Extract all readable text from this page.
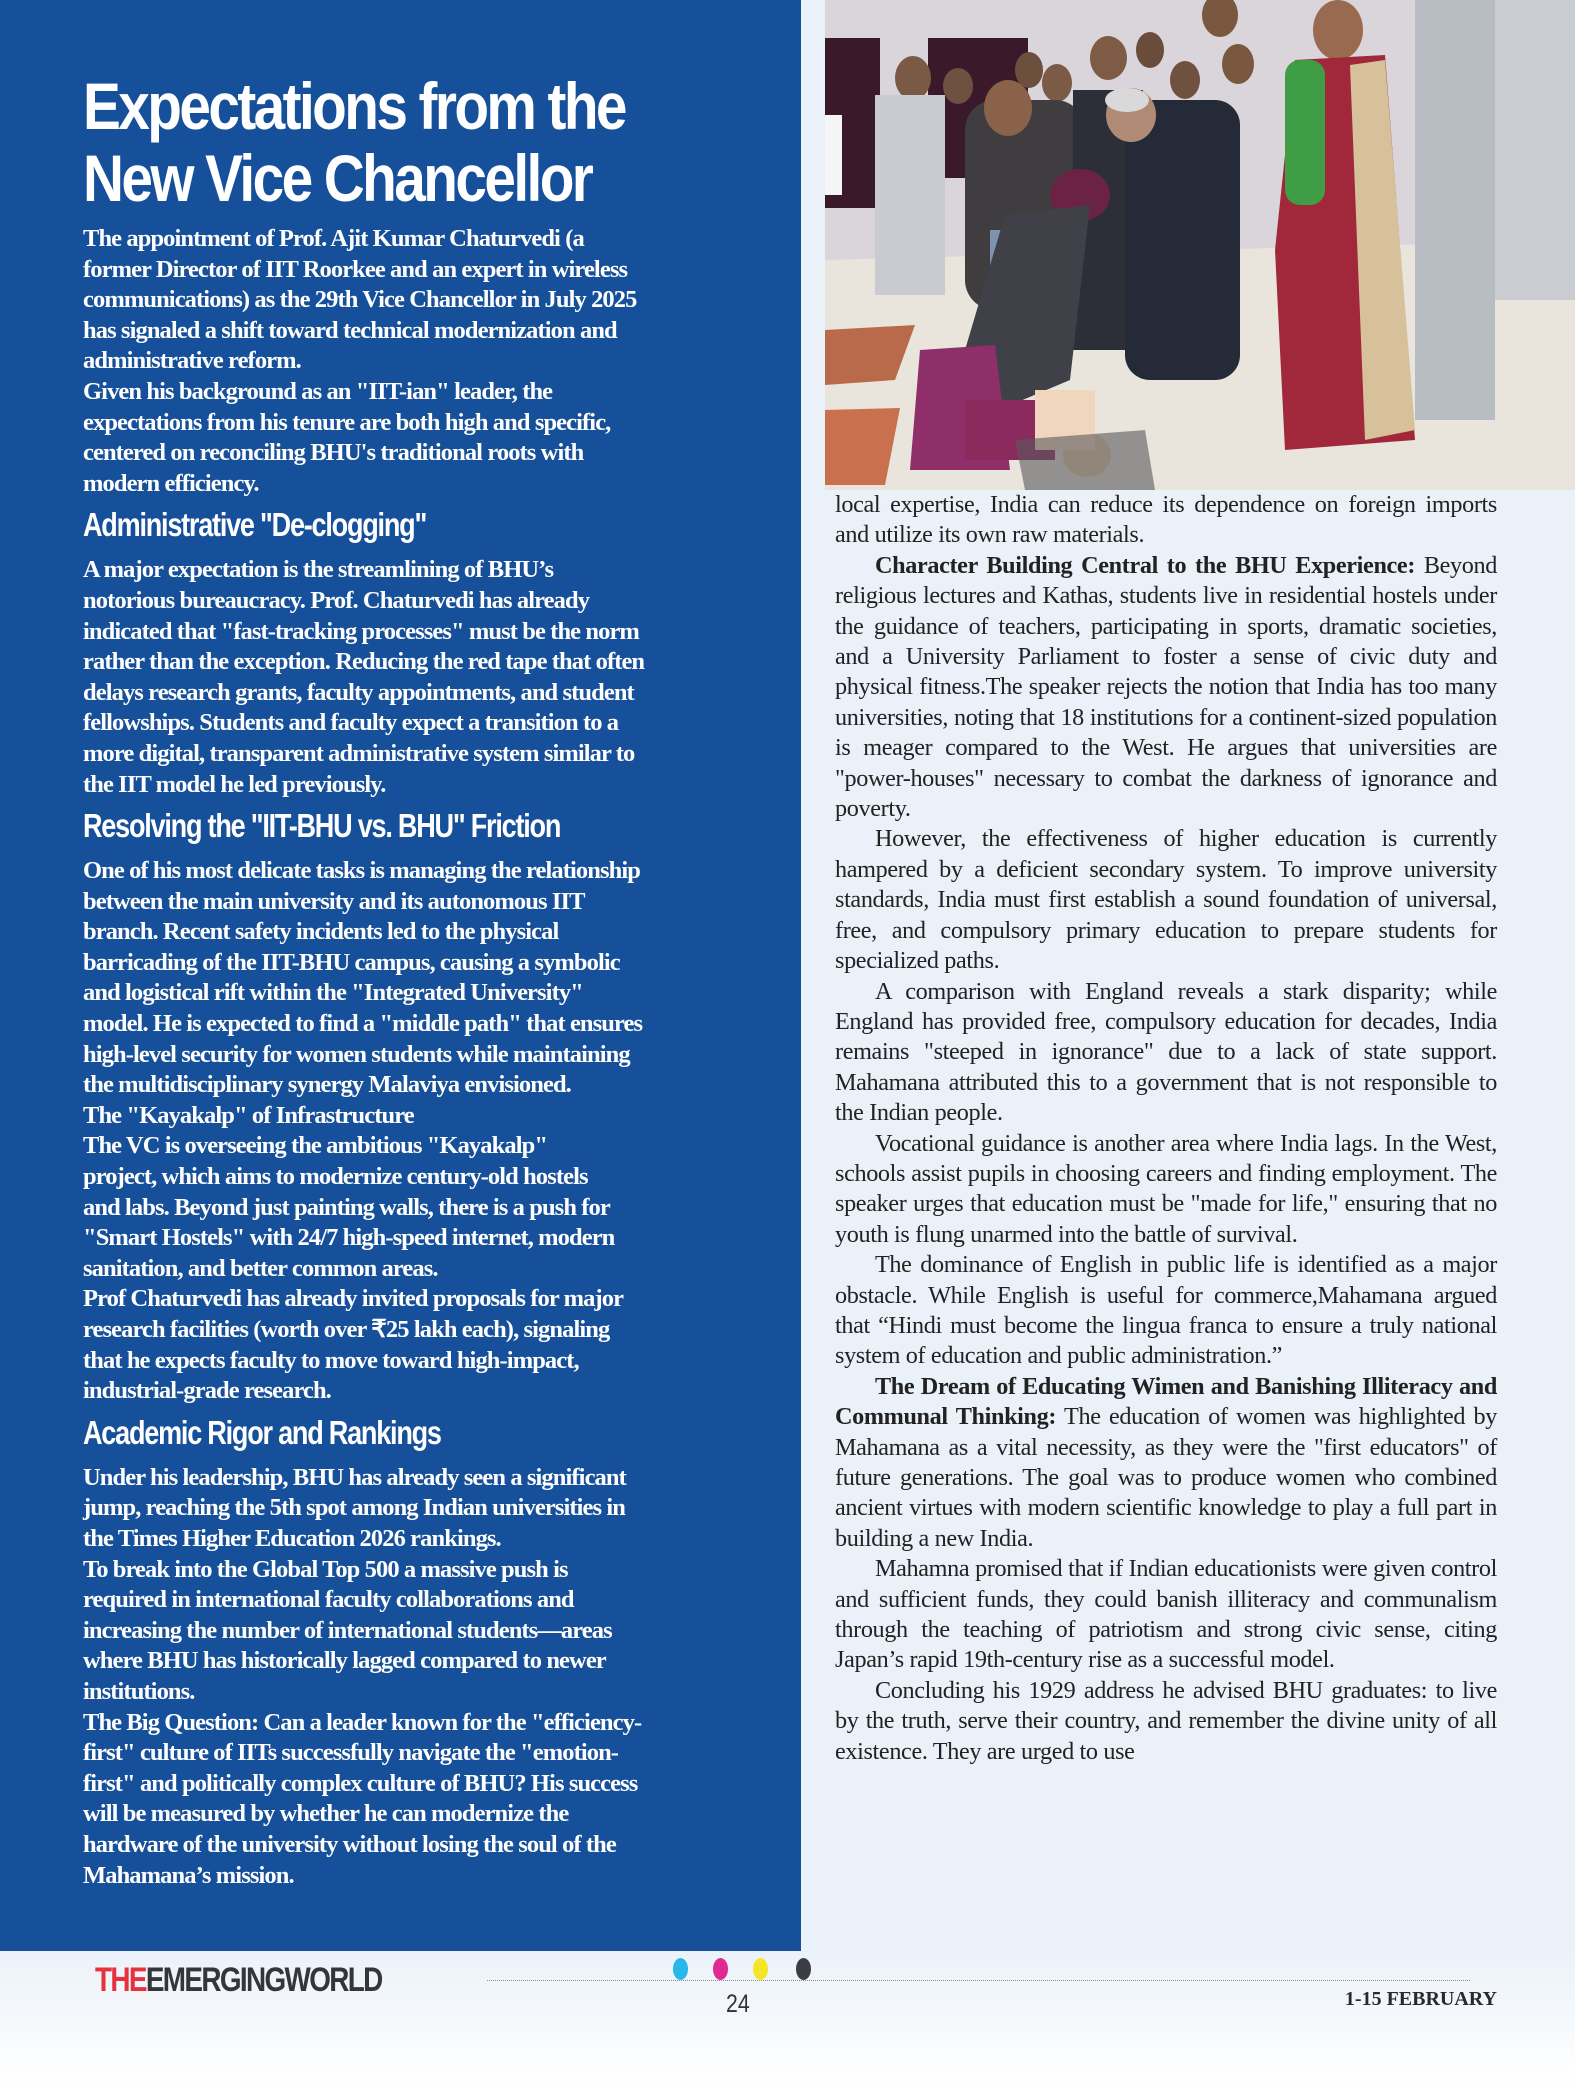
Expectations from the
New Vice Chancellor

The appointment of Prof. Ajit Kumar Chaturvedi (a
former Director of IIT Roorkee and an expert in wireless
communications) as the 29th Vice Chancellor in July 2025
has signaled a shift toward technical modernization and
administrative reform.
Given his background as an "IIT-ian" leader, the
expectations from his tenure are both high and specific,
centered on reconciling BHU's traditional roots with
modern efficiency.

Administrative "De-clogging"

A major expectation is the streamlining of BHU’s
notorious bureaucracy. Prof. Chaturvedi has already
indicated that "fast-tracking processes" must be the norm
rather than the exception. Reducing the red tape that often
delays research grants, faculty appointments, and student
fellowships. Students and faculty expect a transition to a
more digital, transparent administrative system similar to
the IIT model he led previously.

Resolving the "IIT-BHU vs. BHU" Friction

One of his most delicate tasks is managing the relationship
between the main university and its autonomous IIT
branch. Recent safety incidents led to the physical
barricading of the IIT-BHU campus, causing a symbolic
and logistical rift within the "Integrated University"
model. He is expected to find a "middle path" that ensures
high-level security for women students while maintaining
the multidisciplinary synergy Malaviya envisioned.
The "Kayakalp" of Infrastructure
The VC is overseeing the ambitious "Kayakalp"
project, which aims to modernize century-old hostels
and labs. Beyond just painting walls, there is a push for
"Smart Hostels" with 24/7 high-speed internet, modern
sanitation, and better common areas.
Prof Chaturvedi has already invited proposals for major
research facilities (worth over ₹25 lakh each), signaling
that he expects faculty to move toward high-impact,
industrial-grade research.

Academic Rigor and Rankings

Under his leadership, BHU has already seen a significant
jump, reaching the 5th spot among Indian universities in
the Times Higher Education 2026 rankings.
To break into the Global Top 500 a massive push is
required in international faculty collaborations and
increasing the number of international students—areas
where BHU has historically lagged compared to newer
institutions.
The Big Question: Can a leader known for the "efficiency-
first" culture of IITs successfully navigate the "emotion-
first" and politically complex culture of BHU? His success
will be measured by whether he can modernize the
hardware of the university without losing the soul of the
Mahamana’s mission.

local expertise, India can reduce its dependence on foreign imports and utilize its own raw materials.

Character Building Central to the BHU Experience: Beyond religious lectures and Kathas, students live in residential hostels under the guidance of teachers, participating in sports, dramatic societies, and a University Parliament to foster a sense of civic duty and physical fitness.The speaker rejects the notion that India has too many universities, noting that 18 institutions for a continent-sized population is meager compared to the West. He argues that universities are "power-houses" necessary to combat the darkness of ignorance and poverty.

However, the effectiveness of higher education is currently hampered by a deficient secondary system. To improve university standards, India must first establish a sound foundation of universal, free, and compulsory primary education to prepare students for specialized paths.

A comparison with England reveals a stark disparity; while England has provided free, compulsory education for decades, India remains "steeped in ignorance" due to a lack of state support. Mahamana attributed this to a government that is not responsible to the Indian people.

Vocational guidance is another area where India lags. In the West, schools assist pupils in choosing careers and finding employment. The speaker urges that education must be "made for life," ensuring that no youth is flung unarmed into the battle of survival.

The dominance of English in public life is identified as a major obstacle. While English is useful for commerce,Mahamana argued that “Hindi must become the lingua franca to ensure a truly national system of education and public administration.”

The Dream of Educating Wimen and Banishing Illiteracy and Communal Thinking: The education of women was highlighted by Mahamana as a vital necessity, as they were the "first educators" of future generations. The goal was to produce women who combined ancient virtues with modern scientific knowledge to play a full part in building a new India.

Mahamna promised that if Indian educationists were given control and sufficient funds, they could banish illiteracy and communalism through the teaching of patriotism and strong civic sense, citing Japan’s rapid 19th-century rise as a successful model.

Concluding his 1929 address he advised BHU graduates: to live by the truth, serve their country, and remember the divine unity of all existence. They are urged to use

THEEMERGINGWORLD
24	1-15 FEBRUARY
